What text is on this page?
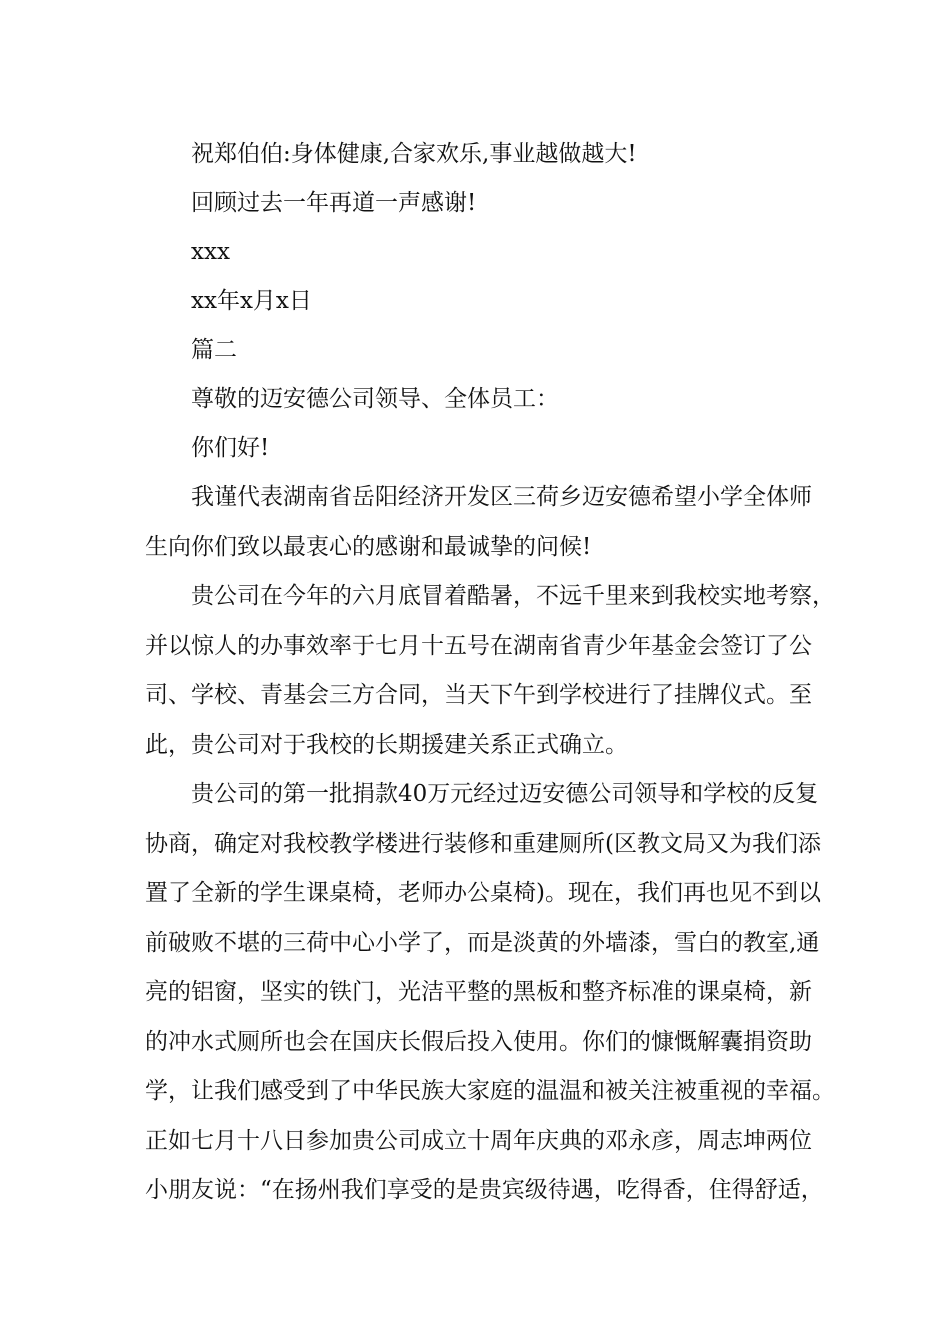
祝郑伯伯:身体健康,合家欢乐,事业越做越大!
回顾过去一年再道一声感谢!
xxx
xx年x月x日
篇二
尊敬的迈安德公司领导、全体员工：
你们好!
我谨代表湖南省岳阳经济开发区三荷乡迈安德希望小学全体师
生向你们致以最衷心的感谢和最诚挚的问候!
贵公司在今年的六月底冒着酷暑，不远千里来到我校实地考察，
并以惊人的办事效率于七月十五号在湖南省青少年基金会签订了公
司、学校、青基会三方合同，当天下午到学校进行了挂牌仪式。至
此，贵公司对于我校的长期援建关系正式确立。
贵公司的第一批捐款40万元经过迈安德公司领导和学校的反复
协商，确定对我校教学楼进行装修和重建厕所(区教文局又为我们添
置了全新的学生课桌椅，老师办公桌椅)。现在，我们再也见不到以
前破败不堪的三荷中心小学了，而是淡黄的外墙漆，雪白的教室,通
亮的铝窗，坚实的铁门，光洁平整的黑板和整齐标准的课桌椅，新
的冲水式厕所也会在国庆长假后投入使用。你们的慷慨解囊捐资助
学，让我们感受到了中华民族大家庭的温温和被关注被重视的幸福。
正如七月十八日参加贵公司成立十周年庆典的邓永彦，周志坤两位
小朋友说：“在扬州我们享受的是贵宾级待遇，吃得香，住得舒适，
